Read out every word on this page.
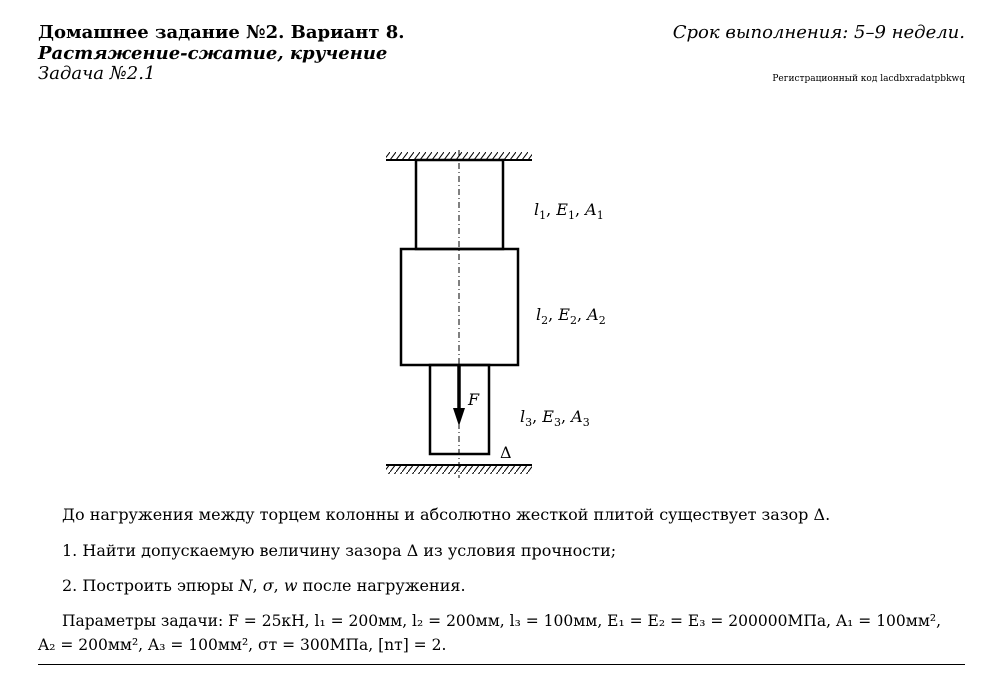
Домашнее задание №2. Вариант 8.
Растяжение-сжатие, кручение
Задача №2.1
Срок выполнения: 5–9 недели.
Регистрационный код lacdbxradatpbkwq
F
Δ
$l_1$, $E_1$, $A_1$
$l_2$, $E_2$, $A_2$
$l_3$, $E_3$, $A_3$
До нагружения между торцем колонны и абсолютно жесткой плитой существует зазор Δ.
1. Найти допускаемую величину зазора Δ из условия прочности;
2. Построить эпюры N, σ, w после нагружения.
Параметры задачи: F = 25кН, l₁ = 200мм, l₂ = 200мм, l₃ = 100мм, E₁ = E₂ = E₃ = 200000МПа, A₁ = 100мм²,
A₂ = 200мм², A₃ = 100мм², σт = 300МПа, [nт] = 2.
